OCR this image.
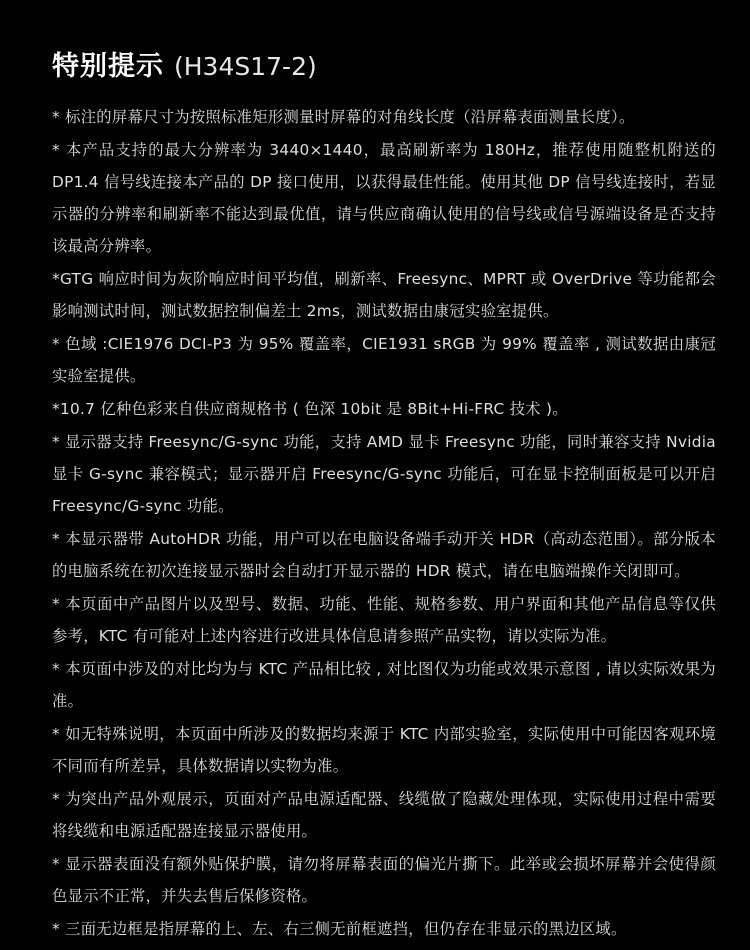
特别提示 (H34S17-2)
* 标注的屏幕尺寸为按照标准矩形测量时屏幕的对角线长度（沿屏幕表面测量长度）。
* 本产品支持的最大分辨率为 3440×1440，最高刷新率为 180Hz，推荐使用随整机附送的 DP1.4 信号线连接本产品的 DP 接口使用，以获得最佳性能。使用其他 DP 信号线连接时，若显示器的分辨率和刷新率不能达到最优值，请与供应商确认使用的信号线或信号源端设备是否支持该最高分辨率。
*GTG 响应时间为灰阶响应时间平均值，刷新率、Freesync、MPRT 或 OverDrive 等功能都会影响测试时间，测试数据控制偏差土 2ms，测试数据由康冠实验室提供。
* 色域 :CIE1976 DCI-P3 为 95% 覆盖率，CIE1931 sRGB 为 99% 覆盖率 , 测试数据由康冠实验室提供。
*10.7 亿种色彩来自供应商规格书 ( 色深 10bit 是 8Bit+Hi-FRC 技术 )。
* 显示器支持 Freesync/G-sync 功能，支持 AMD 显卡 Freesync 功能，同时兼容支持 Nvidia 显卡 G-sync 兼容模式；显示器开启 Freesync/G-sync 功能后，可在显卡控制面板是可以开启 Freesync/G-sync 功能。
* 本显示器带 AutoHDR 功能，用户可以在电脑设备端手动开关 HDR（高动态范围）。部分版本的电脑系统在初次连接显示器时会自动打开显示器的 HDR 模式，请在电脑端操作关闭即可。
* 本页面中产品图片以及型号、数据、功能、性能、规格参数、用户界面和其他产品信息等仅供参考，KTC 有可能对上述内容进行改进具体信息请参照产品实物，请以实际为准。
* 本页面中涉及的对比均为与 KTC 产品相比较 , 对比图仅为功能或效果示意图 , 请以实际效果为准。
* 如无特殊说明，本页面中所涉及的数据均来源于 KTC 内部实验室，实际使用中可能因客观环境不同而有所差异，具体数据请以实物为准。
* 为突出产品外观展示，页面对产品电源适配器、线缆做了隐藏处理体现，实际使用过程中需要将线缆和电源适配器连接显示器使用。
* 显示器表面没有额外贴保护膜，请勿将屏幕表面的偏光片撕下。此举或会损坏屏幕并会使得颜色显示不正常，并失去售后保修资格。
* 三面无边框是指屏幕的上、左、右三侧无前框遮挡，但仍存在非显示的黑边区域。
